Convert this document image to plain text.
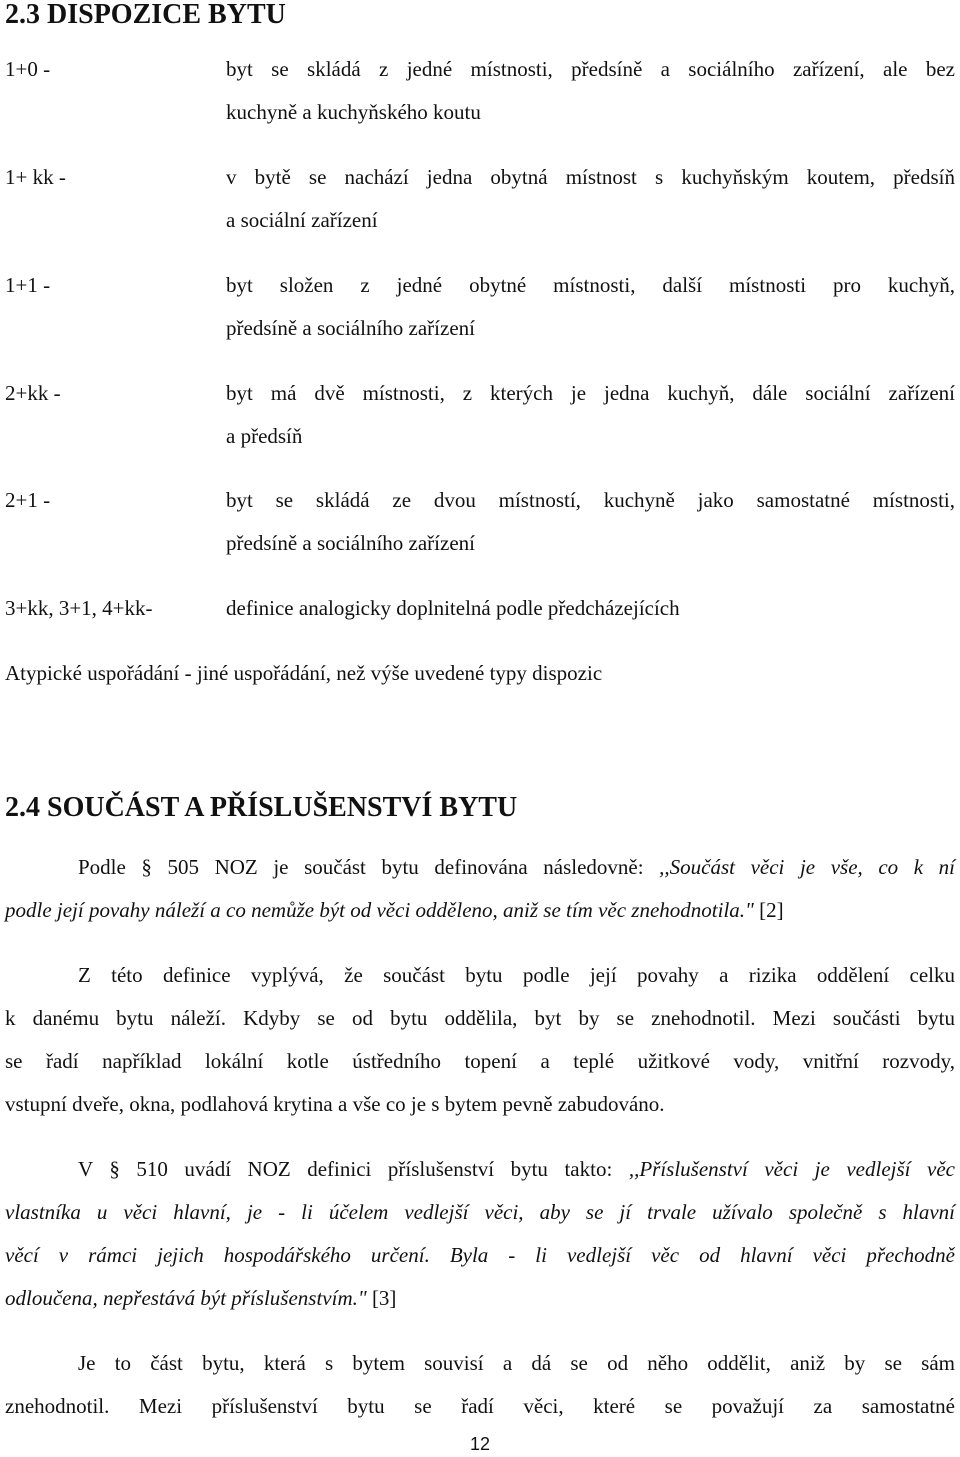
2.3 DISPOZICE BYTU
1+0 -	byt se skládá z jedné místnosti, předsíně a sociálního zařízení, ale bez
kuchyně a kuchyňského koutu
1+ kk -	v bytě se nachází jedna obytná místnost s kuchyňským koutem, předsíň
a sociální zařízení
1+1 -	byt složen z jedné obytné místnosti, další místnosti pro kuchyň,
předsíně a sociálního zařízení
2+kk -	byt má dvě místnosti, z kterých je jedna kuchyň, dále sociální zařízení
a předsíň
2+1 -	byt se skládá ze dvou místností, kuchyně jako samostatné místnosti,
předsíně a sociálního zařízení
3+kk, 3+1, 4+kk-	definice analogicky doplnitelná podle předcházejících
Atypické uspořádání - jiné uspořádání, než výše uvedené typy dispozic
2.4 SOUČÁST A PŘÍSLUŠENSTVÍ BYTU
Podle § 505 NOZ je součást bytu definována následovně: ,,Součást věci je vše, co k ní
podle její povahy náleží a co nemůže být od věci odděleno, aniž se tím věc znehodnotila." [2]
Z této definice vyplývá, že součást bytu podle její povahy a rizika oddělení celku
k danému bytu náleží. Kdyby se od bytu oddělila, byt by se znehodnotil. Mezi součásti bytu
se řadí například lokální kotle ústředního topení a teplé užitkové vody, vnitřní rozvody,
vstupní dveře, okna, podlahová krytina a vše co je s bytem pevně zabudováno.
V § 510 uvádí NOZ definici příslušenství bytu takto: ,,Příslušenství věci je vedlejší věc
vlastníka u věci hlavní, je - li účelem vedlejší věci, aby se jí trvale užívalo společně s hlavní
věcí v rámci jejich hospodářského určení. Byla - li vedlejší věc od hlavní věci přechodně
odloučena, nepřestává být příslušenstvím." [3]
Je to část bytu, která s bytem souvisí a dá se od něho oddělit, aniž by se sám
znehodnotil. Mezi příslušenství bytu se řadí věci, které se považují za samostatné
12
